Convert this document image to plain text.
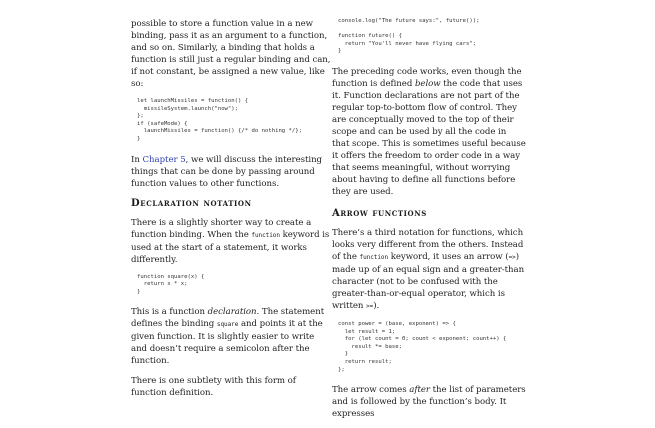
possible to store a function value in a new binding, pass it as an argument to a function, and so on. Similarly, a binding that holds a function is still just a regular binding and can, if not constant, be assigned a new value, like so:

let launchMissiles = function() {
missileSystem.launch("now");
};
if (safeMode) {
launchMissiles = function() {/* do nothing */};
}

In Chapter 5, we will discuss the interesting things that can be done by passing around function values to other functions.

Declaration notation

There is a slightly shorter way to create a function binding. When the function keyword is used at the start of a statement, it works differently.

function square(x) {
return x * x;
}

This is a function declaration. The statement defines the binding square and points it at the given function. It is slightly easier to write and doesn’t require a semicolon after the function.

There is one subtlety with this form of function definition.

console.log("The future says:", future());

function future() {
return "You'll never have flying cars";
}

The preceding code works, even though the function is defined below the code that uses it. Function declarations are not part of the regular top-to-bottom flow of control. They are conceptually moved to the top of their scope and can be used by all the code in that scope. This is sometimes useful because it offers the freedom to order code in a way that seems meaningful, without worrying about having to define all functions before they are used.

Arrow functions

There’s a third notation for functions, which looks very different from the others. Instead of the function keyword, it uses an arrow (=>) made up of an equal sign and a greater-than character (not to be confused with the greater-than-or-equal operator, which is written >=).

const power = (base, exponent) => {
let result = 1;
for (let count = 0; count < exponent; count++) {
result *= base;
}
return result;
};

The arrow comes after the list of parameters and is followed by the function’s body. It expresses
